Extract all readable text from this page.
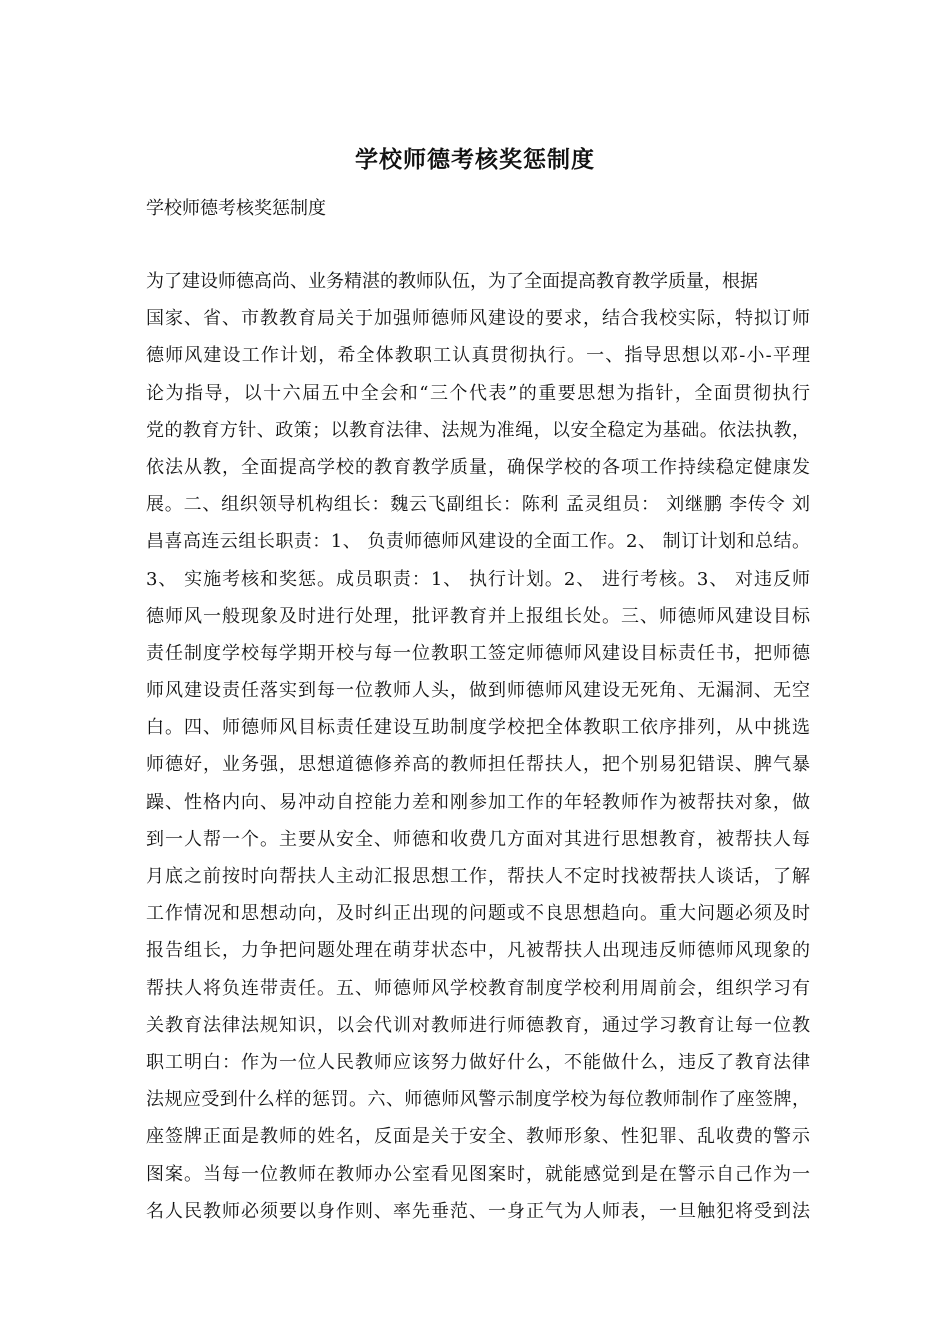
学校师德考核奖惩制度

学校师德考核奖惩制度

为了建设师德高尚、业务精湛的教师队伍，为了全面提高教育教学质量，根据
国家、省、市教教育局关于加强师德师风建设的要求，结合我校实际，特拟订师
德师风建设工作计划，希全体教职工认真贯彻执行。一、指导思想以邓-小-平理
论为指导，以十六届五中全会和“三个代表”的重要思想为指针，全面贯彻执行
党的教育方针、政策；以教育法律、法规为准绳，以安全稳定为基础。依法执教，
依法从教，全面提高学校的教育教学质量，确保学校的各项工作持续稳定健康发
展。二、组织领导机构组长：魏云飞副组长：陈利 孟灵组员： 刘继鹏 李传令 刘
昌喜高连云组长职责：1、 负责师德师风建设的全面工作。2、 制订计划和总结。
3、 实施考核和奖惩。成员职责：1、 执行计划。2、 进行考核。3、 对违反师
德师风一般现象及时进行处理，批评教育并上报组长处。三、师德师风建设目标
责任制度学校每学期开校与每一位教职工签定师德师风建设目标责任书，把师德
师风建设责任落实到每一位教师人头，做到师德师风建设无死角、无漏洞、无空
白。四、师德师风目标责任建设互助制度学校把全体教职工依序排列，从中挑选
师德好，业务强，思想道德修养高的教师担任帮扶人，把个别易犯错误、脾气暴
躁、性格内向、易冲动自控能力差和刚参加工作的年轻教师作为被帮扶对象，做
到一人帮一个。主要从安全、师德和收费几方面对其进行思想教育，被帮扶人每
月底之前按时向帮扶人主动汇报思想工作，帮扶人不定时找被帮扶人谈话，了解
工作情况和思想动向，及时纠正出现的问题或不良思想趋向。重大问题必须及时
报告组长，力争把问题处理在萌芽状态中，凡被帮扶人出现违反师德师风现象的
帮扶人将负连带责任。五、师德师风学校教育制度学校利用周前会，组织学习有
关教育法律法规知识，以会代训对教师进行师德教育，通过学习教育让每一位教
职工明白：作为一位人民教师应该努力做好什么，不能做什么，违反了教育法律
法规应受到什么样的惩罚。六、师德师风警示制度学校为每位教师制作了座签牌，
座签牌正面是教师的姓名，反面是关于安全、教师形象、性犯罪、乱收费的警示
图案。当每一位教师在教师办公室看见图案时，就能感觉到是在警示自己作为一
名人民教师必须要以身作则、率先垂范、一身正气为人师表，一旦触犯将受到法
